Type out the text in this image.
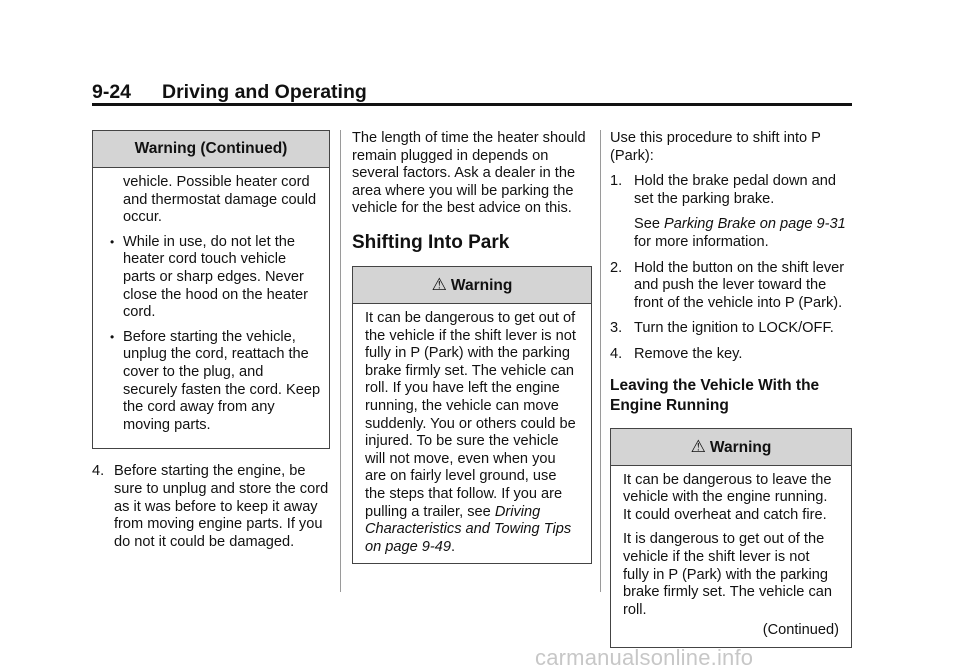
9-24 Driving and Operating
Warning (Continued)

vehicle. Possible heater cord and thermostat damage could occur.

• While in use, do not let the heater cord touch vehicle parts or sharp edges. Never close the hood on the heater cord.
• Before starting the vehicle, unplug the cord, reattach the cover to the plug, and securely fasten the cord. Keep the cord away from any moving parts.
4. Before starting the engine, be sure to unplug and store the cord as it was before to keep it away from moving engine parts. If you do not it could be damaged.

The length of time the heater should remain plugged in depends on several factors. Ask a dealer in the area where you will be parking the vehicle for the best advice on this.

Shifting Into Park
⚠ Warning

It can be dangerous to get out of the vehicle if the shift lever is not fully in P (Park) with the parking brake firmly set. The vehicle can roll. If you have left the engine running, the vehicle can move suddenly. You or others could be injured. To be sure the vehicle will not move, even when you are on fairly level ground, use the steps that follow. If you are pulling a trailer, see Driving Characteristics and Towing Tips on page 9-49.

Use this procedure to shift into P (Park):

1. Hold the brake pedal down and set the parking brake.
See Parking Brake on page 9-31 for more information.
2. Hold the button on the shift lever and push the lever toward the front of the vehicle into P (Park).
3. Turn the ignition to LOCK/OFF.
4. Remove the key.
Leaving the Vehicle With the Engine Running
⚠ Warning

It can be dangerous to leave the vehicle with the engine running. It could overheat and catch fire.

It is dangerous to get out of the vehicle if the shift lever is not fully in P (Park) with the parking brake firmly set. The vehicle can roll.

(Continued)
carmanualsonline.info
